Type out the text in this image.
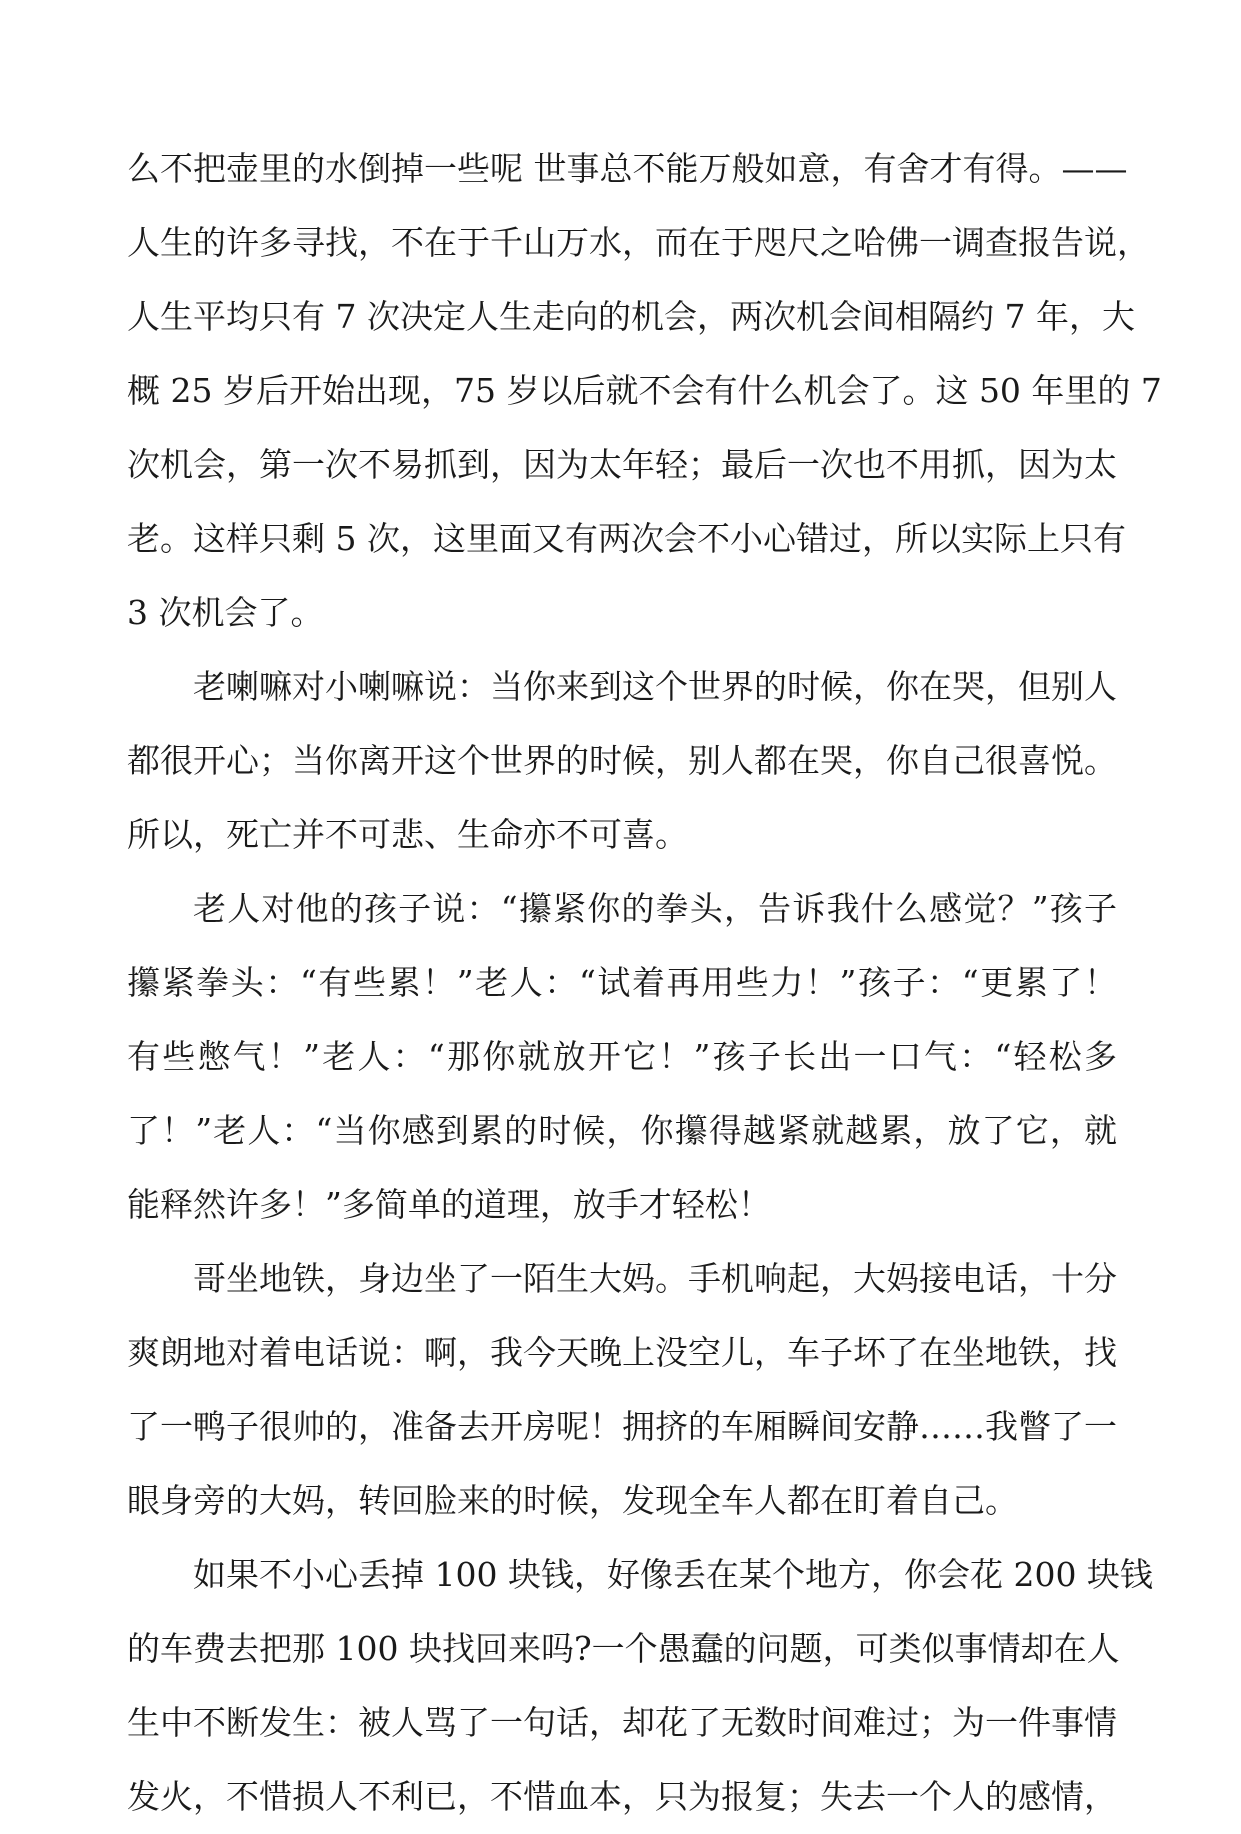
么不把壶里的水倒掉一些呢 世事总不能万般如意，有舍才有得。——
人生的许多寻找，不在于千山万水，而在于咫尺之哈佛一调查报告说，
人生平均只有 7 次决定人生走向的机会，两次机会间相隔约 7 年，大
概 25 岁后开始出现，75 岁以后就不会有什么机会了。这 50 年里的 7
次机会，第一次不易抓到，因为太年轻；最后一次也不用抓，因为太
老。这样只剩 5 次，这里面又有两次会不小心错过，所以实际上只有
3 次机会了。
老喇嘛对小喇嘛说：当你来到这个世界的时候，你在哭，但别人
都很开心；当你离开这个世界的时候，别人都在哭，你自己很喜悦。
所以，死亡并不可悲、生命亦不可喜。
老人对他的孩子说：“攥紧你的拳头，告诉我什么感觉？”孩子
攥紧拳头：“有些累！”老人：“试着再用些力！”孩子：“更累了！
有些憋气！”老人：“那你就放开它！”孩子长出一口气：“轻松多
了！”老人：“当你感到累的时候，你攥得越紧就越累，放了它，就
能释然许多！”多简单的道理，放手才轻松！
哥坐地铁，身边坐了一陌生大妈。手机响起，大妈接电话，十分
爽朗地对着电话说：啊，我今天晚上没空儿，车子坏了在坐地铁，找
了一鸭子很帅的，准备去开房呢！拥挤的车厢瞬间安静……我瞥了一
眼身旁的大妈，转回脸来的时候，发现全车人都在盯着自己。
如果不小心丢掉 100 块钱，好像丢在某个地方，你会花 200 块钱
的车费去把那 100 块找回来吗?一个愚蠢的问题，可类似事情却在人
生中不断发生：被人骂了一句话，却花了无数时间难过；为一件事情
发火，不惜损人不利已，不惜血本，只为报复；失去一个人的感情，
